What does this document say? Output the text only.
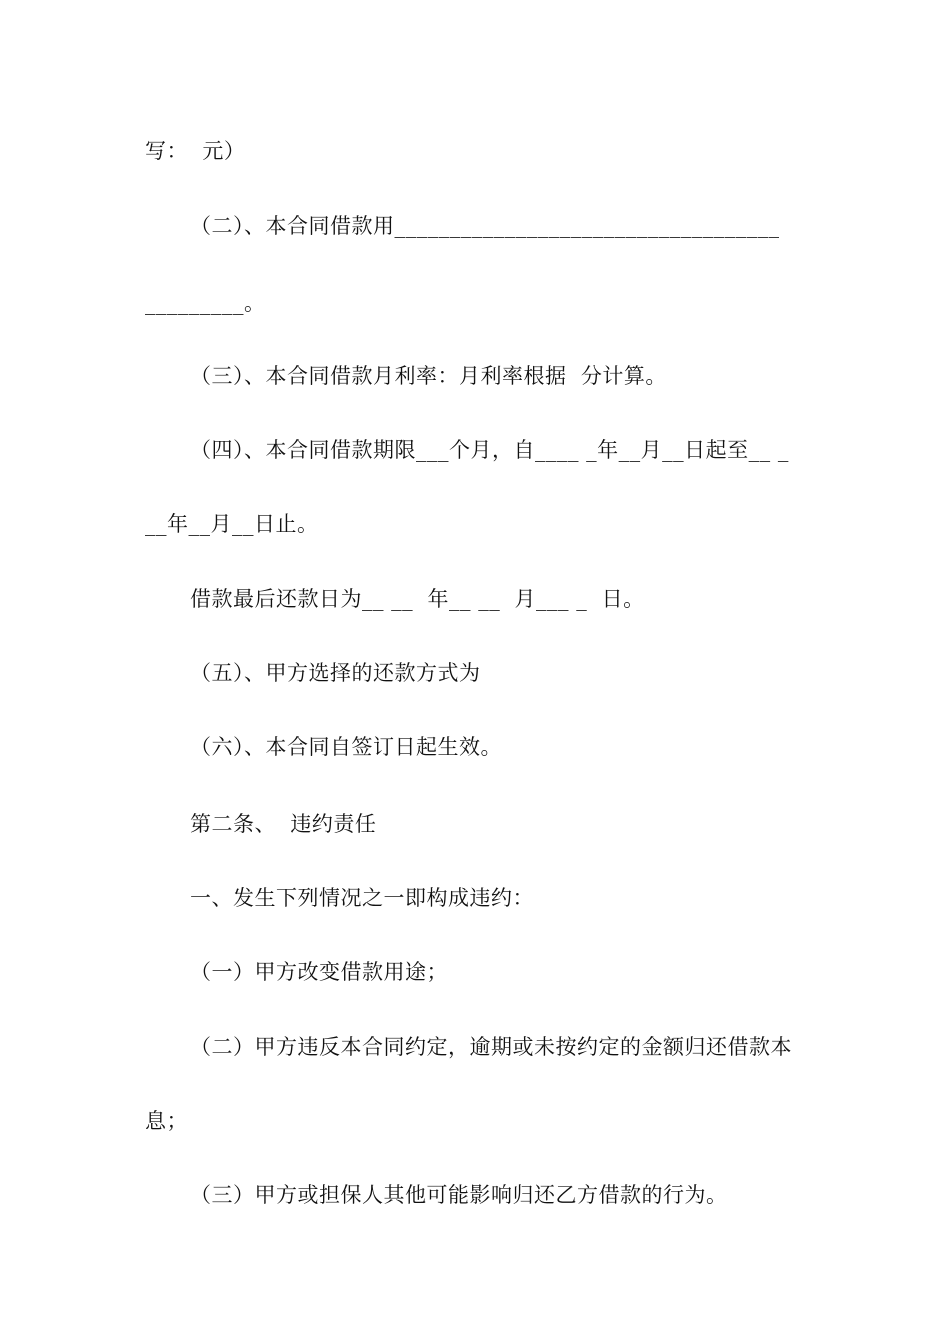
写：  元）
（二）、本合同借款用___________________________________
_________。
（三）、本合同借款月利率：月利率根据  分计算。
（四）、本合同借款期限___个月，自____ _年__月__日起至__ _
__年__月__日止。
借款最后还款日为__ __  年__ __  月___ _  日。
（五）、甲方选择的还款方式为
（六）、本合同自签订日起生效。
第二条、  违约责任
一、发生下列情况之一即构成违约：
（一）甲方改变借款用途；
（二）甲方违反本合同约定，逾期或未按约定的金额归还借款本
息；
（三）甲方或担保人其他可能影响归还乙方借款的行为。
